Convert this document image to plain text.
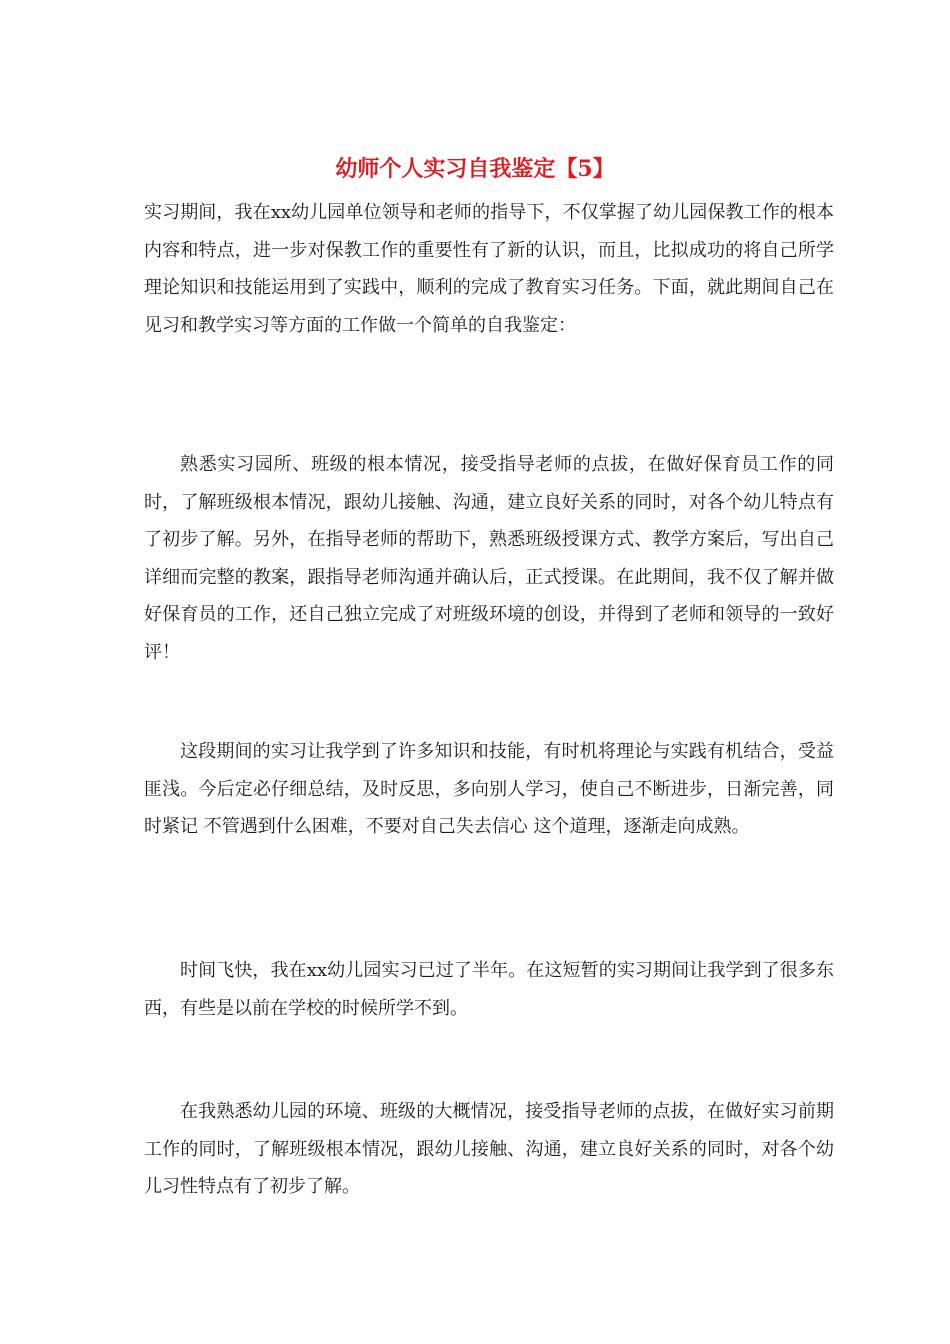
幼师个人实习自我鉴定【5】

实习期间，我在xx幼儿园单位领导和老师的指导下，不仅掌握了幼儿园保教工作的根本内容和特点，进一步对保教工作的重要性有了新的认识，而且，比拟成功的将自己所学理论知识和技能运用到了实践中，顺利的完成了教育实习任务。下面，就此期间自己在见习和教学实习等方面的工作做一个简单的自我鉴定：

熟悉实习园所、班级的根本情况，接受指导老师的点拔，在做好保育员工作的同时，了解班级根本情况，跟幼儿接触、沟通，建立良好关系的同时，对各个幼儿特点有了初步了解。另外，在指导老师的帮助下，熟悉班级授课方式、教学方案后，写出自己详细而完整的教案，跟指导老师沟通并确认后，正式授课。在此期间，我不仅了解并做好保育员的工作，还自己独立完成了对班级环境的创设，并得到了老师和领导的一致好评！

这段期间的实习让我学到了许多知识和技能，有时机将理论与实践有机结合，受益匪浅。今后定必仔细总结，及时反思，多向别人学习，使自己不断进步，日渐完善，同时紧记 不管遇到什么困难，不要对自己失去信心 这个道理，逐渐走向成熟。

时间飞快，我在xx幼儿园实习已过了半年。在这短暂的实习期间让我学到了很多东西，有些是以前在学校的时候所学不到。

在我熟悉幼儿园的环境、班级的大概情况，接受指导老师的点拔，在做好实习前期工作的同时，了解班级根本情况，跟幼儿接触、沟通，建立良好关系的同时，对各个幼儿习性特点有了初步了解。
